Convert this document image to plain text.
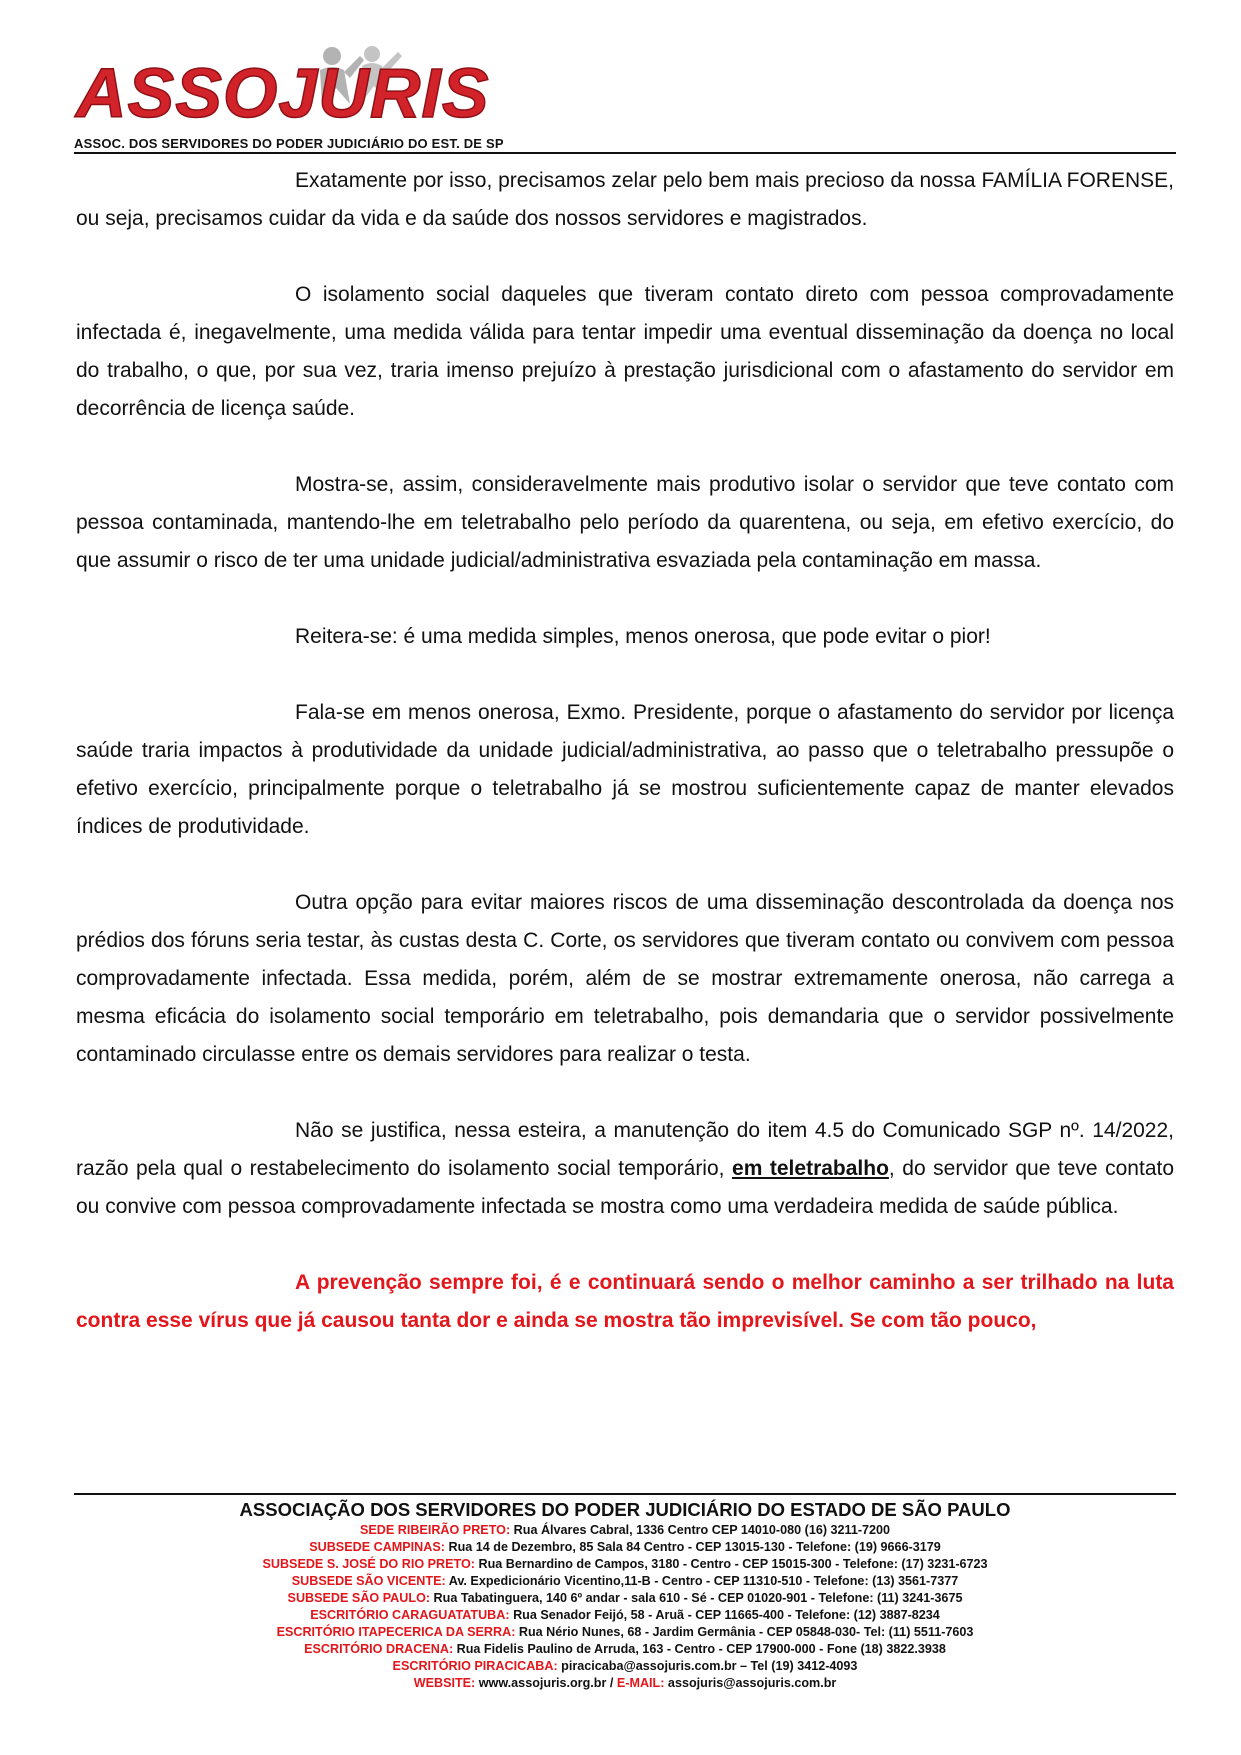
ASSOJURIS

ASSOC. DOS SERVIDORES DO PODER JUDICIÁRIO DO EST. DE SP

Exatamente por isso, precisamos zelar pelo bem mais precioso da nossa FAMÍLIA FORENSE, ou seja, precisamos cuidar da vida e da saúde dos nossos servidores e magistrados.

O isolamento social daqueles que tiveram contato direto com pessoa comprovadamente infectada é, inegavelmente, uma medida válida para tentar impedir uma eventual disseminação da doença no local do trabalho, o que, por sua vez, traria imenso prejuízo à prestação jurisdicional com o afastamento do servidor em decorrência de licença saúde.

Mostra-se, assim, consideravelmente mais produtivo isolar o servidor que teve contato com pessoa contaminada, mantendo-lhe em teletrabalho pelo período da quarentena, ou seja, em efetivo exercício, do que assumir o risco de ter uma unidade judicial/administrativa esvaziada pela contaminação em massa.

Reitera-se: é uma medida simples, menos onerosa, que pode evitar o pior!

Fala-se em menos onerosa, Exmo. Presidente, porque o afastamento do servidor por licença saúde traria impactos à produtividade da unidade judicial/administrativa, ao passo que o teletrabalho pressupõe o efetivo exercício, principalmente porque o teletrabalho já se mostrou suficientemente capaz de manter elevados índices de produtividade.

Outra opção para evitar maiores riscos de uma disseminação descontrolada da doença nos prédios dos fóruns seria testar, às custas desta C. Corte, os servidores que tiveram contato ou convivem com pessoa comprovadamente infectada. Essa medida, porém, além de se mostrar extremamente onerosa, não carrega a mesma eficácia do isolamento social temporário em teletrabalho, pois demandaria que o servidor possivelmente contaminado circulasse entre os demais servidores para realizar o testa.

Não se justifica, nessa esteira, a manutenção do item 4.5 do Comunicado SGP nº. 14/2022, razão pela qual o restabelecimento do isolamento social temporário, em teletrabalho, do servidor que teve contato ou convive com pessoa comprovadamente infectada se mostra como uma verdadeira medida de saúde pública.

A prevenção sempre foi, é e continuará sendo o melhor caminho a ser trilhado na luta contra esse vírus que já causou tanta dor e ainda se mostra tão imprevisível. Se com tão pouco,

ASSOCIAÇÃO DOS SERVIDORES DO PODER JUDICIÁRIO DO ESTADO DE SÃO PAULO
SEDE RIBEIRÃO PRETO: Rua Álvares Cabral, 1336 Centro CEP 14010-080 (16) 3211-7200
SUBSEDE CAMPINAS: Rua 14 de Dezembro, 85 Sala 84 Centro - CEP 13015-130 - Telefone: (19) 9666-3179
SUBSEDE S. JOSÉ DO RIO PRETO: Rua Bernardino de Campos, 3180 - Centro - CEP 15015-300 - Telefone: (17) 3231-6723
SUBSEDE SÃO VICENTE: Av. Expedicionário Vicentino,11-B - Centro - CEP 11310-510 - Telefone: (13) 3561-7377
SUBSEDE SÃO PAULO: Rua Tabatinguera, 140 6º andar - sala 610 - Sé - CEP 01020-901 - Telefone: (11) 3241-3675
ESCRITÓRIO CARAGUATATUBA: Rua Senador Feijó, 58 - Aruã - CEP 11665-400 - Telefone: (12) 3887-8234
ESCRITÓRIO ITAPECERICA DA SERRA: Rua Nério Nunes, 68 - Jardim Germânia - CEP 05848-030- Tel: (11) 5511-7603
ESCRITÓRIO DRACENA: Rua Fidelis Paulino de Arruda, 163 - Centro - CEP 17900-000 - Fone (18) 3822.3938
ESCRITÓRIO PIRACICABA: piracicaba@assojuris.com.br – Tel (19) 3412-4093
WEBSITE: www.assojuris.org.br / E-MAIL: assojuris@assojuris.com.br
